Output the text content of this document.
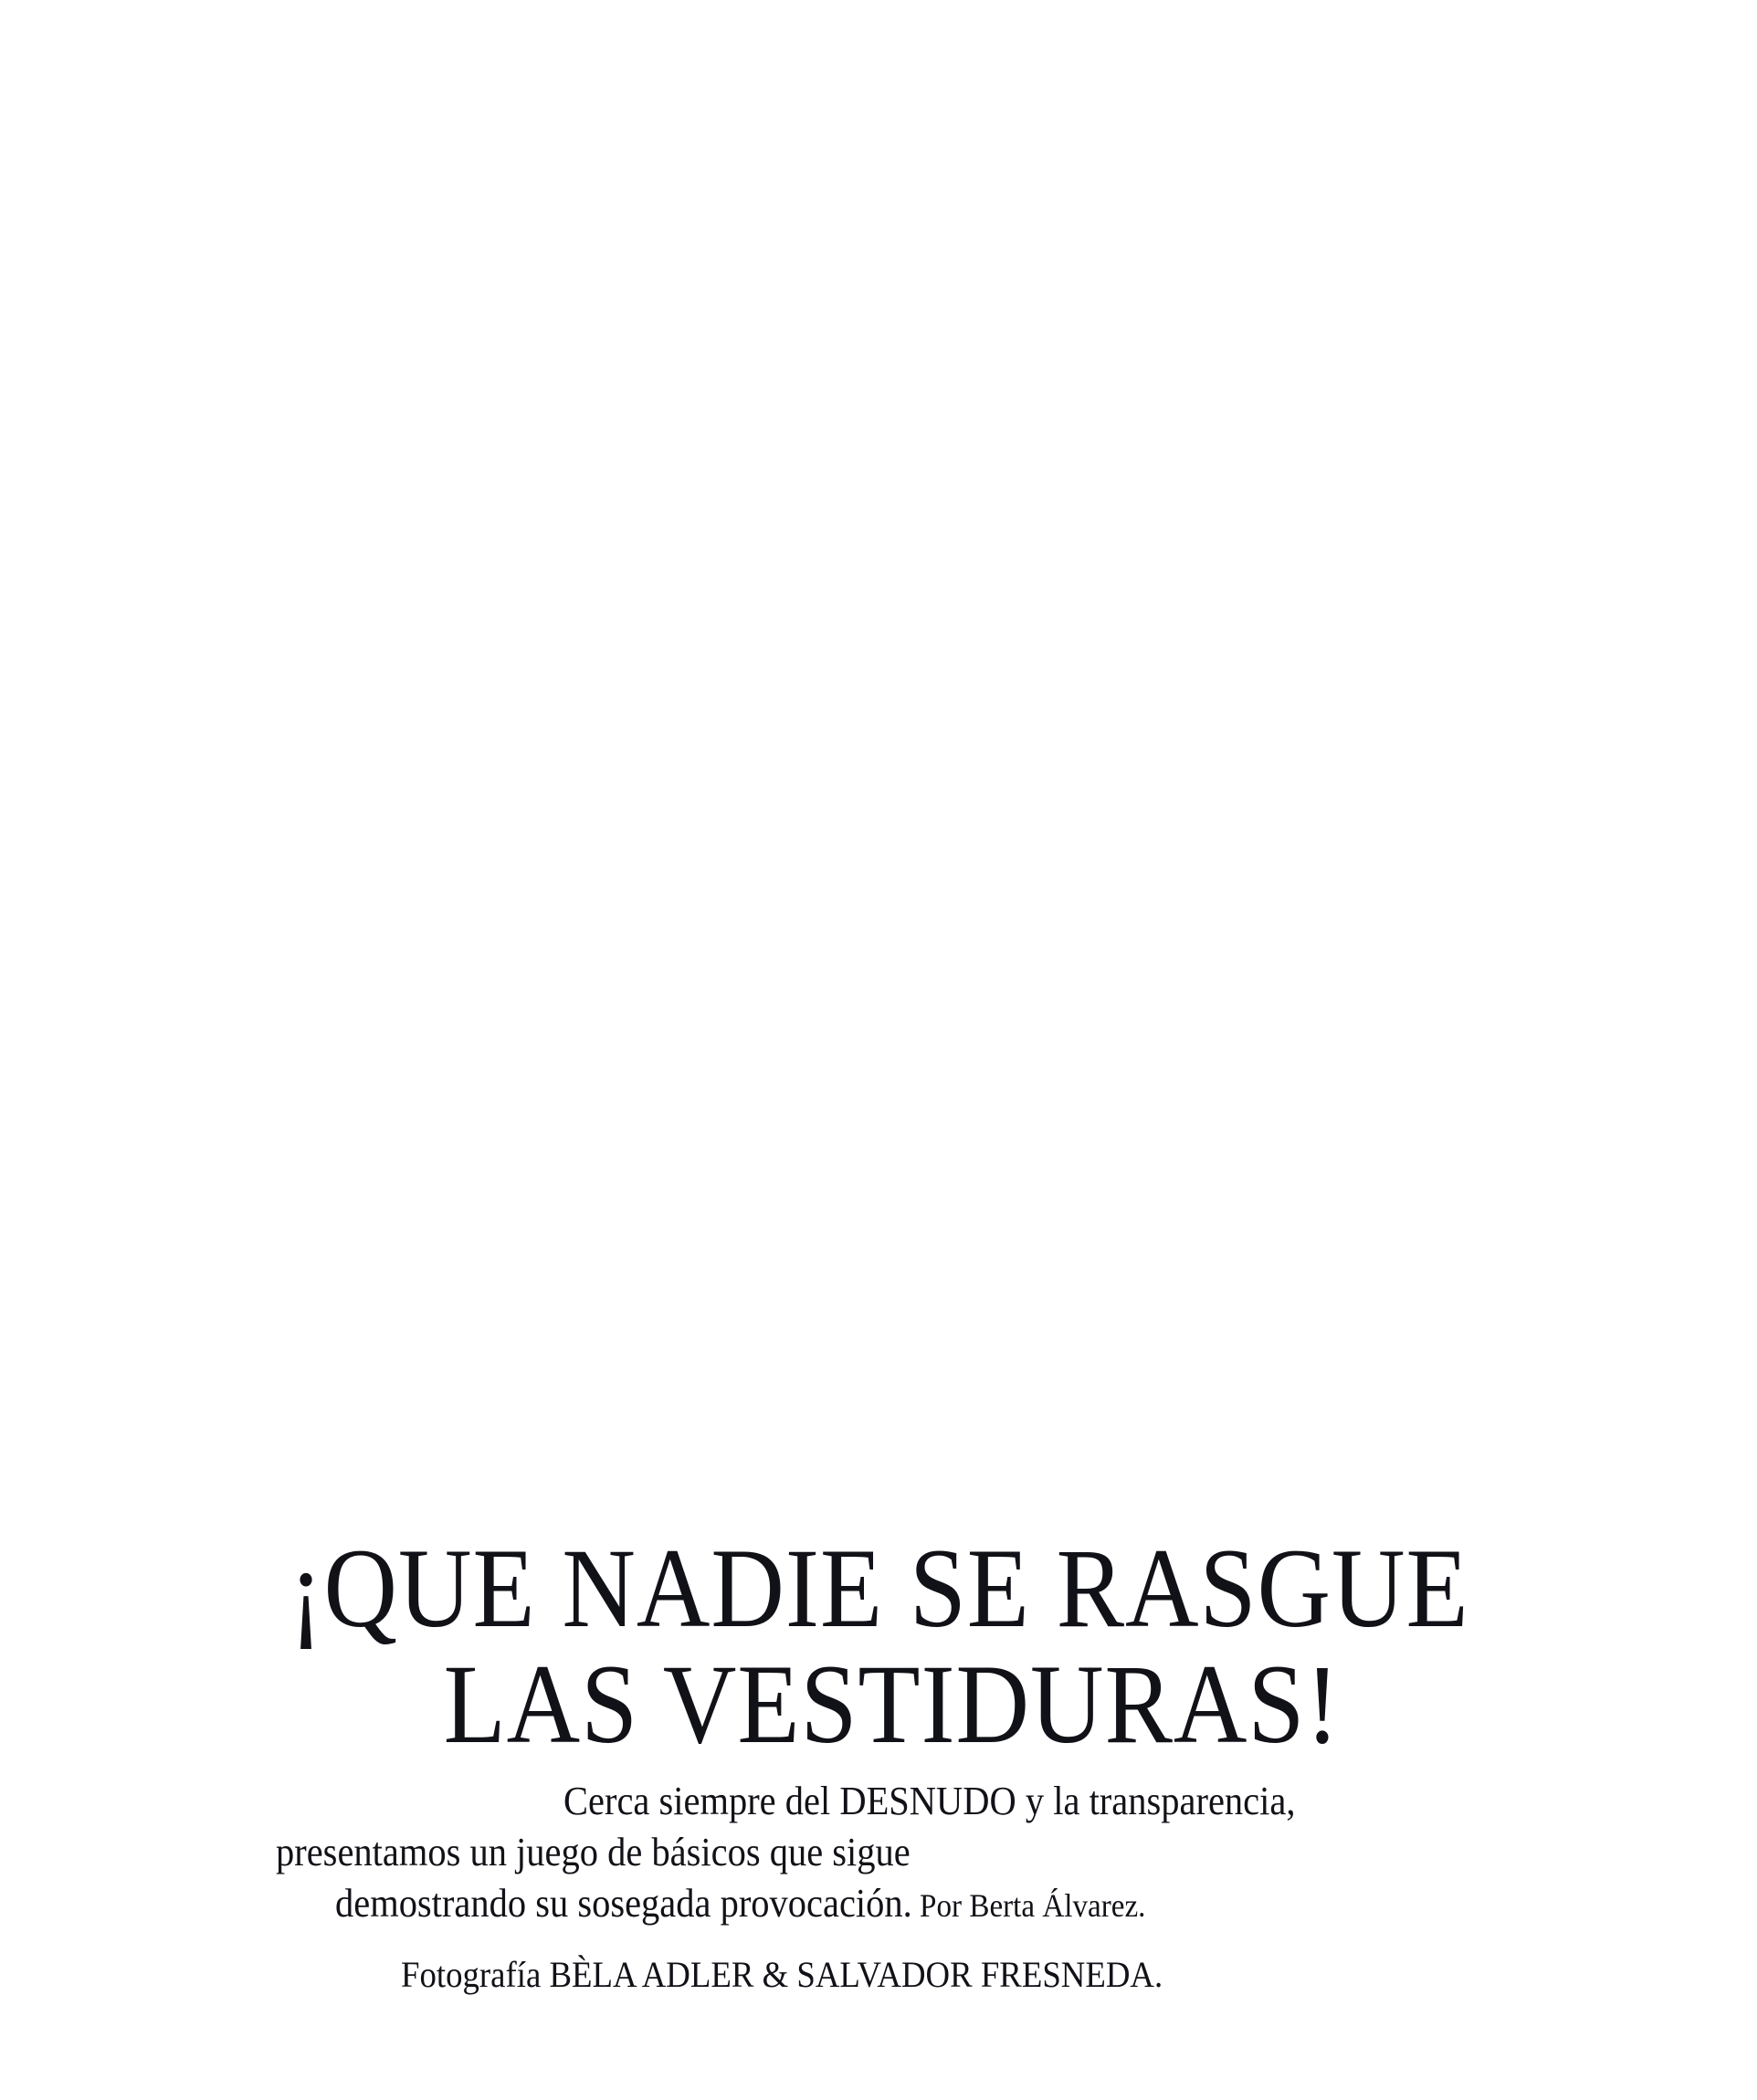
¡QUE NADIE SE RASGUE
LAS VESTIDURAS!
Cerca siempre del DESNUDO y la transparencia,
presentamos un juego de básicos que sigue
demostrando su sosegada provocación. Por Berta Álvarez.
Fotografía BÈLA ADLER & SALVADOR FRESNEDA.
